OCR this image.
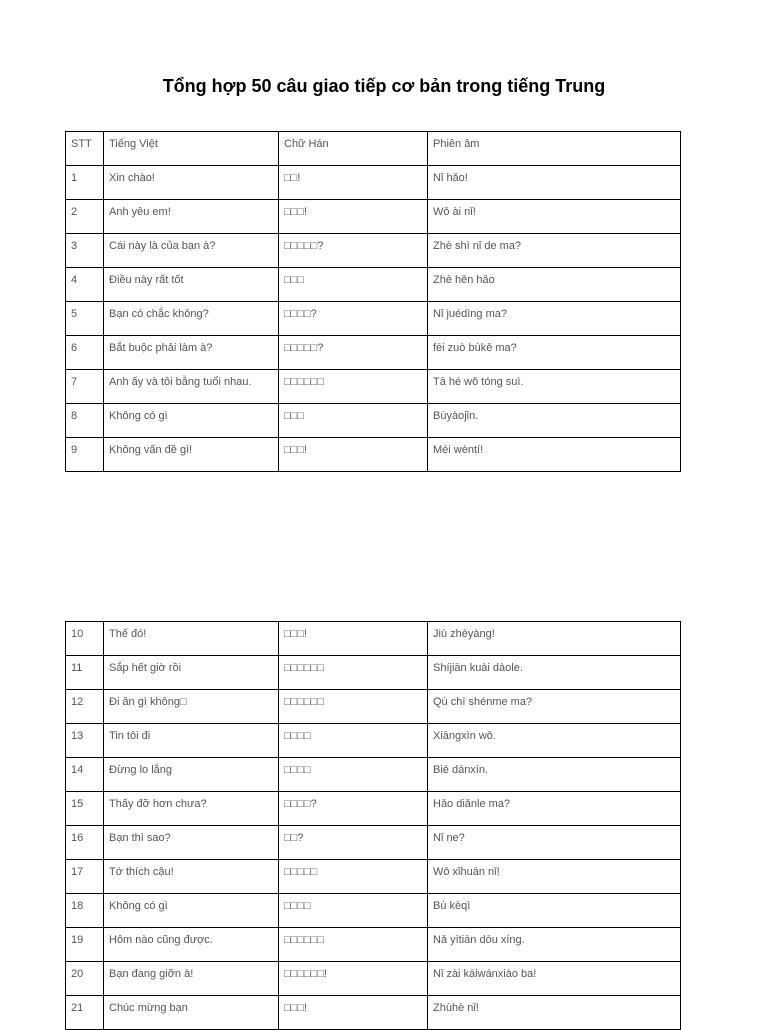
Tổng hợp 50 câu giao tiếp cơ bản trong tiếng Trung
STT	Tiếng Việt	Chữ Hán	Phiên âm
1	Xin chào!	□□!	Nǐ hǎo!
2	Anh yêu em!	□□□!	Wǒ ài nǐ!
3	Cái này là của bạn à?	□□□□□?	Zhè shì nǐ de ma?
4	Điều này rất tốt	□□□	Zhè hěn hǎo
5	Bạn có chắc không?	□□□□?	Nǐ juédìng ma?
6	Bắt buộc phải làm à?	□□□□□?	fēi zuò bùkě ma?
7	Anh ấy và tôi bằng tuổi nhau.	□□□□□□	Tā hé wǒ tóng suì.
8	Không có gì	□□□	Bùyàojǐn.
9	Không vấn đề gì!	□□□!	Méi wèntí!
10	Thế đó!	□□□!	Jiù zhèyàng!
11	Sắp hết giờ rồi	□□□□□□	Shíjiān kuài dàole.
12	Đi ăn gì không□	□□□□□□	Qù chī shénme ma?
13	Tin tôi đi	□□□□	Xiāngxìn wǒ.
14	Đừng lo lắng	□□□□	Bié dānxīn.
15	Thấy đỡ hơn chưa?	□□□□?	Hǎo diǎnle ma?
16	Bạn thì sao?	□□?	Nǐ ne?
17	Tớ thích cậu!	□□□□□	Wǒ xǐhuān nǐ!
18	Không có gì	□□□□	Bù kèqì
19	Hôm nào cũng được.	□□□□□□	Nǎ yītiān dōu xíng.
20	Bạn đang giỡn à!	□□□□□□!	Nǐ zài kāiwánxiào ba!
21	Chúc mừng bạn	□□□!	Zhùhè nǐ!
